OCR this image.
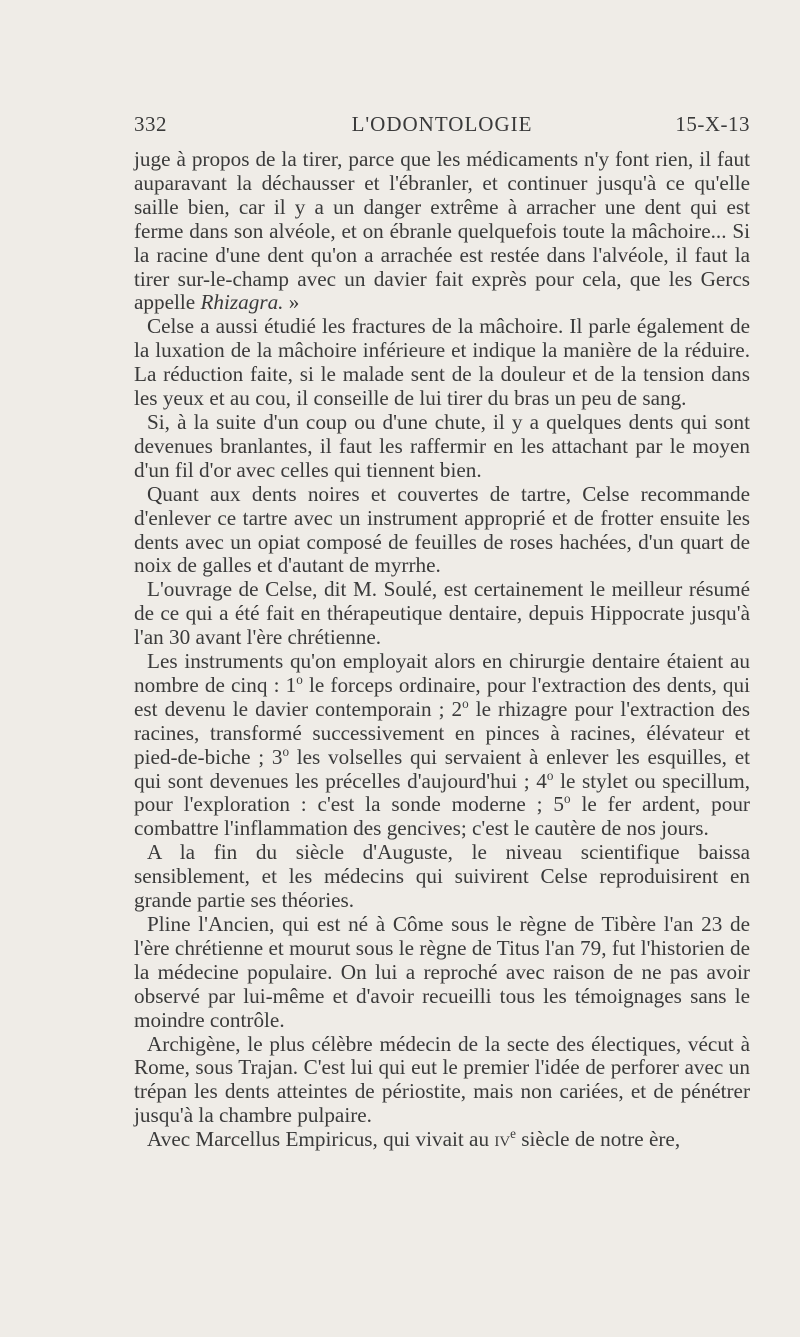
332	L'ODONTOLOGIE	15-X-13

juge à propos de la tirer, parce que les médicaments n'y font rien, il faut auparavant la déchausser et l'ébranler, et continuer jusqu'à ce qu'elle saille bien, car il y a un danger extrême à arracher une dent qui est ferme dans son alvéole, et on ébranle quelquefois toute la mâchoire... Si la racine d'une dent qu'on a arrachée est restée dans l'alvéole, il faut la tirer sur-le-champ avec un davier fait exprès pour cela, que les Gercs appelle Rhizagra. »

Celse a aussi étudié les fractures de la mâchoire. Il parle également de la luxation de la mâchoire inférieure et indique la manière de la réduire. La réduction faite, si le malade sent de la douleur et de la tension dans les yeux et au cou, il conseille de lui tirer du bras un peu de sang.

Si, à la suite d'un coup ou d'une chute, il y a quelques dents qui sont devenues branlantes, il faut les raffermir en les attachant par le moyen d'un fil d'or avec celles qui tiennent bien.

Quant aux dents noires et couvertes de tartre, Celse recommande d'enlever ce tartre avec un instrument approprié et de frotter ensuite les dents avec un opiat composé de feuilles de roses hachées, d'un quart de noix de galles et d'autant de myrrhe.

L'ouvrage de Celse, dit M. Soulé, est certainement le meilleur résumé de ce qui a été fait en thérapeutique dentaire, depuis Hippocrate jusqu'à l'an 30 avant l'ère chrétienne.

Les instruments qu'on employait alors en chirurgie dentaire étaient au nombre de cinq : 1$^o$ le forceps ordinaire, pour l'extraction des dents, qui est devenu le davier contemporain ; 2$^o$ le rhizagre pour l'extraction des racines, transformé successivement en pinces à racines, élévateur et pied-de-biche ; 3$^o$ les volselles qui servaient à enlever les esquilles, et qui sont devenues les précelles d'aujourd'hui ; 4$^o$ le stylet ou specillum, pour l'exploration : c'est la sonde moderne ; 5$^o$ le fer ardent, pour combattre l'inflammation des gencives; c'est le cautère de nos jours.

A la fin du siècle d'Auguste, le niveau scientifique baissa sensiblement, et les médecins qui suivirent Celse reproduisirent en grande partie ses théories.

Pline l'Ancien, qui est né à Côme sous le règne de Tibère l'an 23 de l'ère chrétienne et mourut sous le règne de Titus l'an 79, fut l'historien de la médecine populaire. On lui a reproché avec raison de ne pas avoir observé par lui-même et d'avoir recueilli tous les témoignages sans le moindre contrôle.

Archigène, le plus célèbre médecin de la secte des électiques, vécut à Rome, sous Trajan. C'est lui qui eut le premier l'idée de perforer avec un trépan les dents atteintes de périostite, mais non cariées, et de pénétrer jusqu'à la chambre pulpaire.

Avec Marcellus Empiricus, qui vivait au $iv^e$ siècle de notre ère,
